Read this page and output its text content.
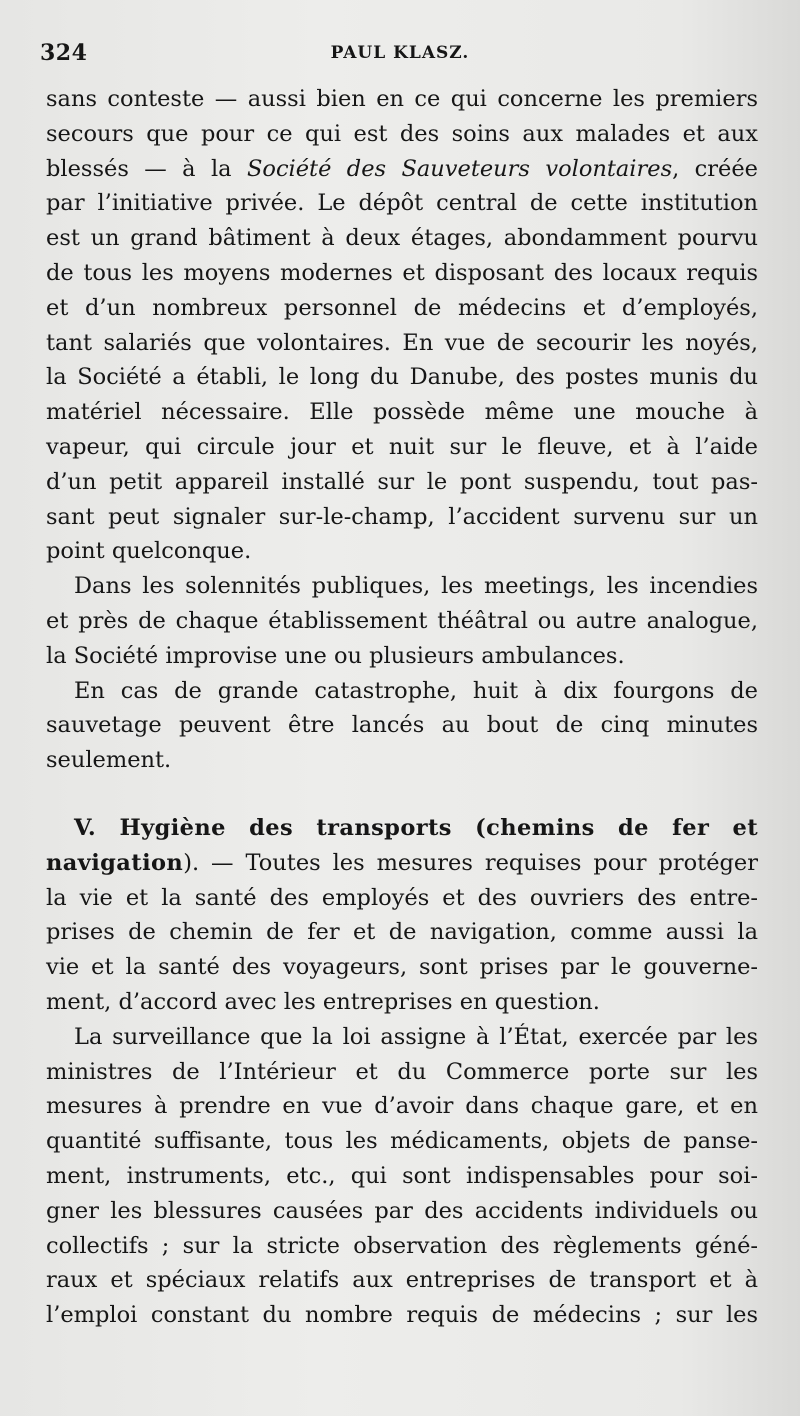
324	PAUL KLASZ.
sans conteste — aussi bien en ce qui concerne les premiers
secours que pour ce qui est des soins aux malades et aux
blessés — à la Société des Sauveteurs volontaires, créée
par l’initiative privée. Le dépôt central de cette institution
est un grand bâtiment à deux étages, abondamment pourvu
de tous les moyens modernes et disposant des locaux requis
et d’un nombreux personnel de médecins et d’employés,
tant salariés que volontaires. En vue de secourir les noyés,
la Société a établi, le long du Danube, des postes munis du
matériel nécessaire. Elle possède même une mouche à
vapeur, qui circule jour et nuit sur le fleuve, et à l’aide
d’un petit appareil installé sur le pont suspendu, tout pas-
sant peut signaler sur-le-champ, l’accident survenu sur un
point quelconque.
Dans les solennités publiques, les meetings, les incendies
et près de chaque établissement théâtral ou autre analogue,
la Société improvise une ou plusieurs ambulances.
En cas de grande catastrophe, huit à dix fourgons de
sauvetage peuvent être lancés au bout de cinq minutes
seulement.
V. Hygiène des transports (chemins de fer et
navigation). — Toutes les mesures requises pour protéger
la vie et la santé des employés et des ouvriers des entre-
prises de chemin de fer et de navigation, comme aussi la
vie et la santé des voyageurs, sont prises par le gouverne-
ment, d’accord avec les entreprises en question.
La surveillance que la loi assigne à l’État, exercée par les
ministres de l’Intérieur et du Commerce porte sur les
mesures à prendre en vue d’avoir dans chaque gare, et en
quantité suffisante, tous les médicaments, objets de panse-
ment, instruments, etc., qui sont indispensables pour soi-
gner les blessures causées par des accidents individuels ou
collectifs ; sur la stricte observation des règlements géné-
raux et spéciaux relatifs aux entreprises de transport et à
l’emploi constant du nombre requis de médecins ; sur les
